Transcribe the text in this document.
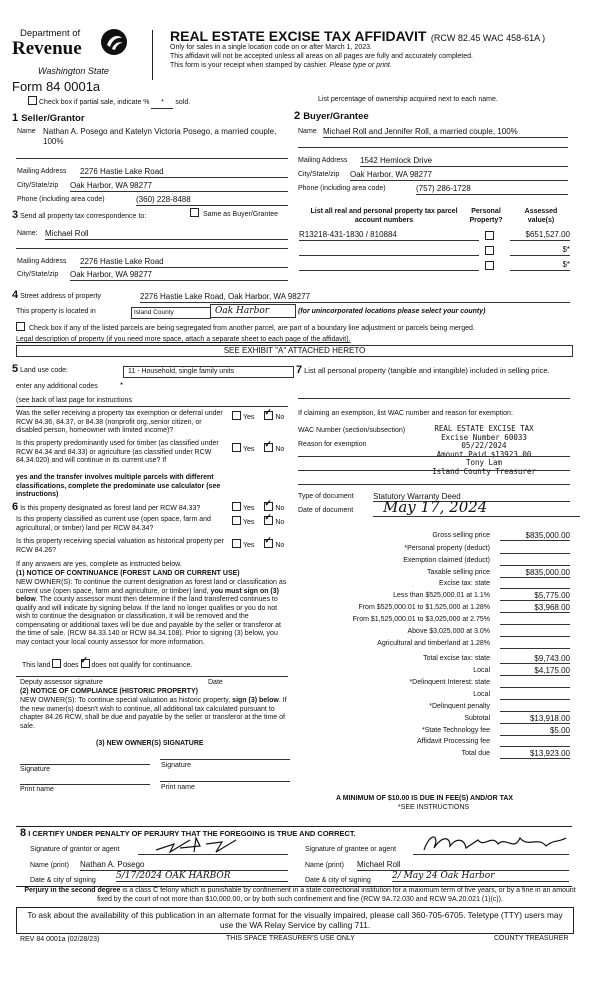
Department of
Revenue
Washington State
Form 84 0001a
REAL ESTATE EXCISE TAX AFFIDAVIT (RCW 82.45 WAC 458-61A )
Only for sales in a single location code on or after March 1, 2023.
This affidavit will not be accepted unless all areas on all pages are fully and accurately completed.
This form is your receipt when stamped by cashier. Please type or print.
Check box if partial sale, indicate % * sold.	List percentage of ownership acquired next to each name.
1 Seller/Grantor
Name Nathan A. Posego and Katelyn Victoria Posego, a married couple, 100%
Mailing Address 2276 Hastie Lake Road
City/State/zip Oak Harbor, WA 98277
Phone (including area code)	(360) 228-8488
2 Buyer/Grantee
Name Michael Roll and Jennifer Roll, a married couple, 100%
Mailing Address 1542 Hemlock Drive
City/State/zip Oak Harbor, WA 98277
Phone (including area code)	(757) 286-1728
3 Send all property tax correspondence to:	Same as Buyer/Grantee
Name: Michael Roll
Mailing Address 2276 Hastie Lake Road
City/State/zip Oak Harbor, WA 98277
List all real and personal property tax parcel account numbers
Personal Property?
Assessed value(s)
R13218-431-1830 / 810884	$651,527.00
$*
$*
4 Street address of property	2276 Hastie Lake Road, Oak Harbor, WA 98277
This property is located in	Island County	Oak Harbor	(for unincorporated locations please select your county)
Check box if any of the listed parcels are being segregated from another parcel, are part of a boundary line adjustment or parcels being merged.
Legal description of property (if you need more space, attach a separate sheet to each page of the affidavit).
SEE EXHIBIT "A" ATTACHED HERETO
5 Land use code:	11 - Household, single family units
enter any additional codes	*
(see back of last page for instructions
Was the seller receiving a property tax exemption or deferral under RCW 84.36, 84.37, or 84.38 (nonprofit org.,senior citizen, or disabled person, homeowner with limited income)?
Yes ✓	No
Is this property predominantly used for timber (as classified under RCW 84.34 and 84.33) or agriculture (as classified under RCW 84.34.020) and will continue in its current use? If
yes and the transfer involves multiple parcels with different classifications, complete the predominate use calculator (see instructions)
Yes ✓	No
6 Is this property designated as forest land per RCW 84.33?	Yes ✓	No
Is this property classified as current use (open space, farm and agricultural, or timber) land per RCW 84.34?
Yes ✓	No
Is this property receiving special valuation as historical property per RCW 84.26?
Yes ✓	No
If any answers are yes, complete as instructed below.
(1) NOTICE OF CONTINUANCE (FOREST LAND OR CURRENT USE)
NEW OWNER(S): To continue the current designation as forest land or classification as current use (open space, farm and agriculture, or timber) land, you must sign on (3) below. The county assessor must then determine if the land transferred continues to qualify and will indicate by signing below. If the land no longer qualifies or you do not wish to continue the designation or classification, it will be removed and the compensating or additional taxes will be due and payable by the seller or transferor at the time of sale. (RCW 84.33.140 or RCW 84.34.108). Prior to signing (3) below, you may contact your local county assessor for more information.
This land does ✓ does not qualify for continuance.
Deputy assessor signature	Date
(2) NOTICE OF COMPLIANCE (HISTORIC PROPERTY)
NEW OWNER(S): To continue special valuation as historic property, sign (3) below. If the new owner(s) doesn't wish to continue, all additional tax calculated pursuant to chapter 84.26 RCW, shall be due and payable by the seller or transferor at the time of sale.
(3) NEW OWNER(S) SIGNATURE
Signature
Signature
Print name	Print name
7 List all personal property (tangible and intangible) included in selling price.
If claiming an exemption, list WAC number and reason for exemption:
WAC Number (section/subsection)
Reason for exemption
REAL ESTATE EXCISE TAX
Excise Number 60033
05/22/2024
Amount Paid $13923.00
Tony Lam
Island County Treasurer
Type of document Statutory Warranty Deed
Date of document	May 17, 2024
Gross selling price	$835,000.00
*Personal property (deduct)
Exemption claimed (deduct)
Taxable selling price	$835,000.00
Excise tax: state
Less than $525,000.01 at 1.1%	$5,775.00
From $525,000.01 to $1,525,000 at 1.28%	$3,968.00
From $1,525,000.01 to $3,025,000 at 2.75%
Above $3,025,000 at 3.0%
Agricultural and timberland at 1.28%
Total excise tax: state	$9,743.00
Local	$4,175.00
*Delinquent Interest: state
Local
*Delinquent penalty
Subtotal	$13,918.00
*State Technology fee	$5.00
Affidavit Processing fee
Total due	$13,923.00
A MINIMUM OF $10.00 IS DUE IN FEE(S) AND/OR TAX
*SEE INSTRUCTIONS
8 I CERTIFY UNDER PENALTY OF PERJURY THAT THE FOREGOING IS TRUE AND CORRECT.
Signature of grantor or agent	Signature of grantee or agent
Name (print) Nathan A. Posego	Name (print) Michael Roll
Date & city of signing 5/17/2024 OAK HARBOR	Date & city of signing 2/ May 24 Oak Harbor
Perjury in the second degree is a class C felony which is punishable by confinement in a state correctional institution for a maximum term of five years, or by a fine in an amount fixed by the court of not more than $10,000.00, or by both such confinement and fine (RCW 9A.72.030 and RCW 9A.20.021 (1)(c)).
To ask about the availability of this publication in an alternate format for the visually impaired, please call 360-705-6705. Teletype (TTY) users may use the WA Relay Service by calling 711.
REV 84 0001a (02/28/23)	THIS SPACE TREASURER'S USE ONLY	COUNTY TREASURER
